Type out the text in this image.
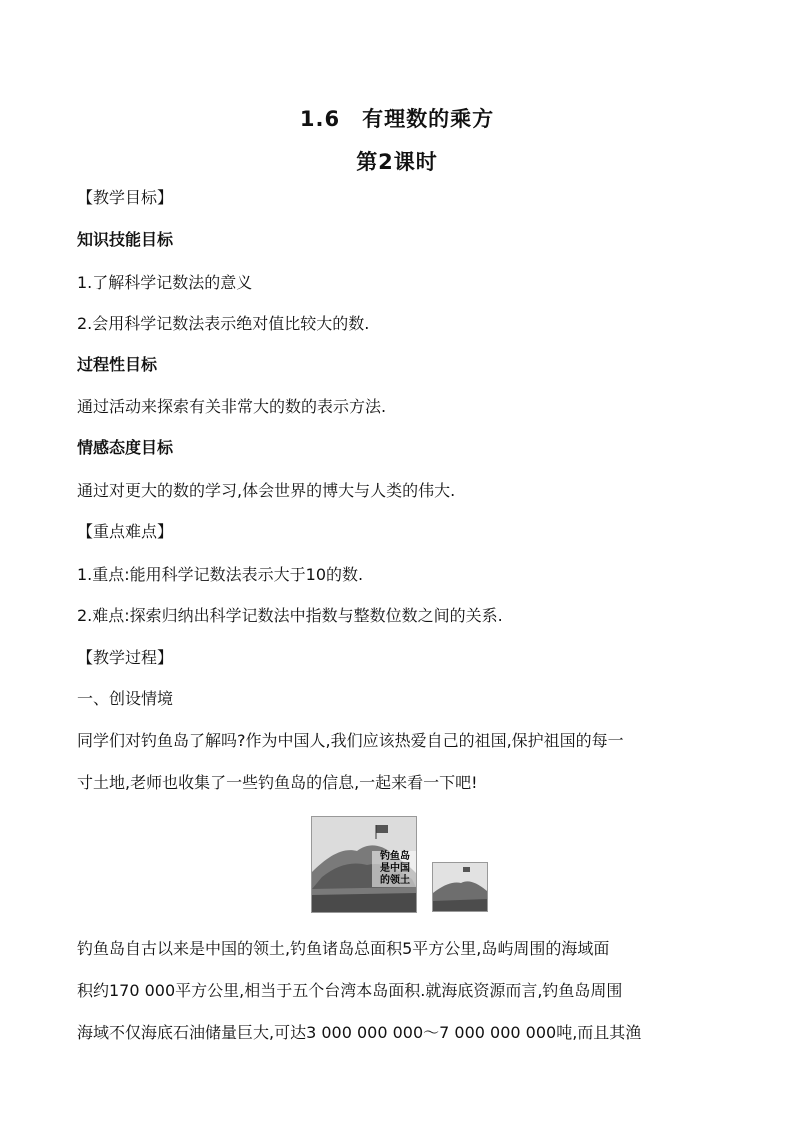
1.6　有理数的乘方
第2课时
【教学目标】
知识技能目标
1.了解科学记数法的意义
2.会用科学记数法表示绝对值比较大的数.
过程性目标
通过活动来探索有关非常大的数的表示方法.
情感态度目标
通过对更大的数的学习,体会世界的博大与人类的伟大.
【重点难点】
1.重点:能用科学记数法表示大于10的数.
2.难点:探索归纳出科学记数法中指数与整数位数之间的关系.
【教学过程】
一、创设情境
同学们对钓鱼岛了解吗?作为中国人,我们应该热爱自己的祖国,保护祖国的每一
寸土地,老师也收集了一些钓鱼岛的信息,一起来看一下吧!
钓鱼岛
是中国
的领土
钓鱼岛自古以来是中国的领土,钓鱼诸岛总面积5平方公里,岛屿周围的海域面
积约170 000平方公里,相当于五个台湾本岛面积.就海底资源而言,钓鱼岛周围
海域不仅海底石油储量巨大,可达3 000 000 000～7 000 000 000吨,而且其渔
